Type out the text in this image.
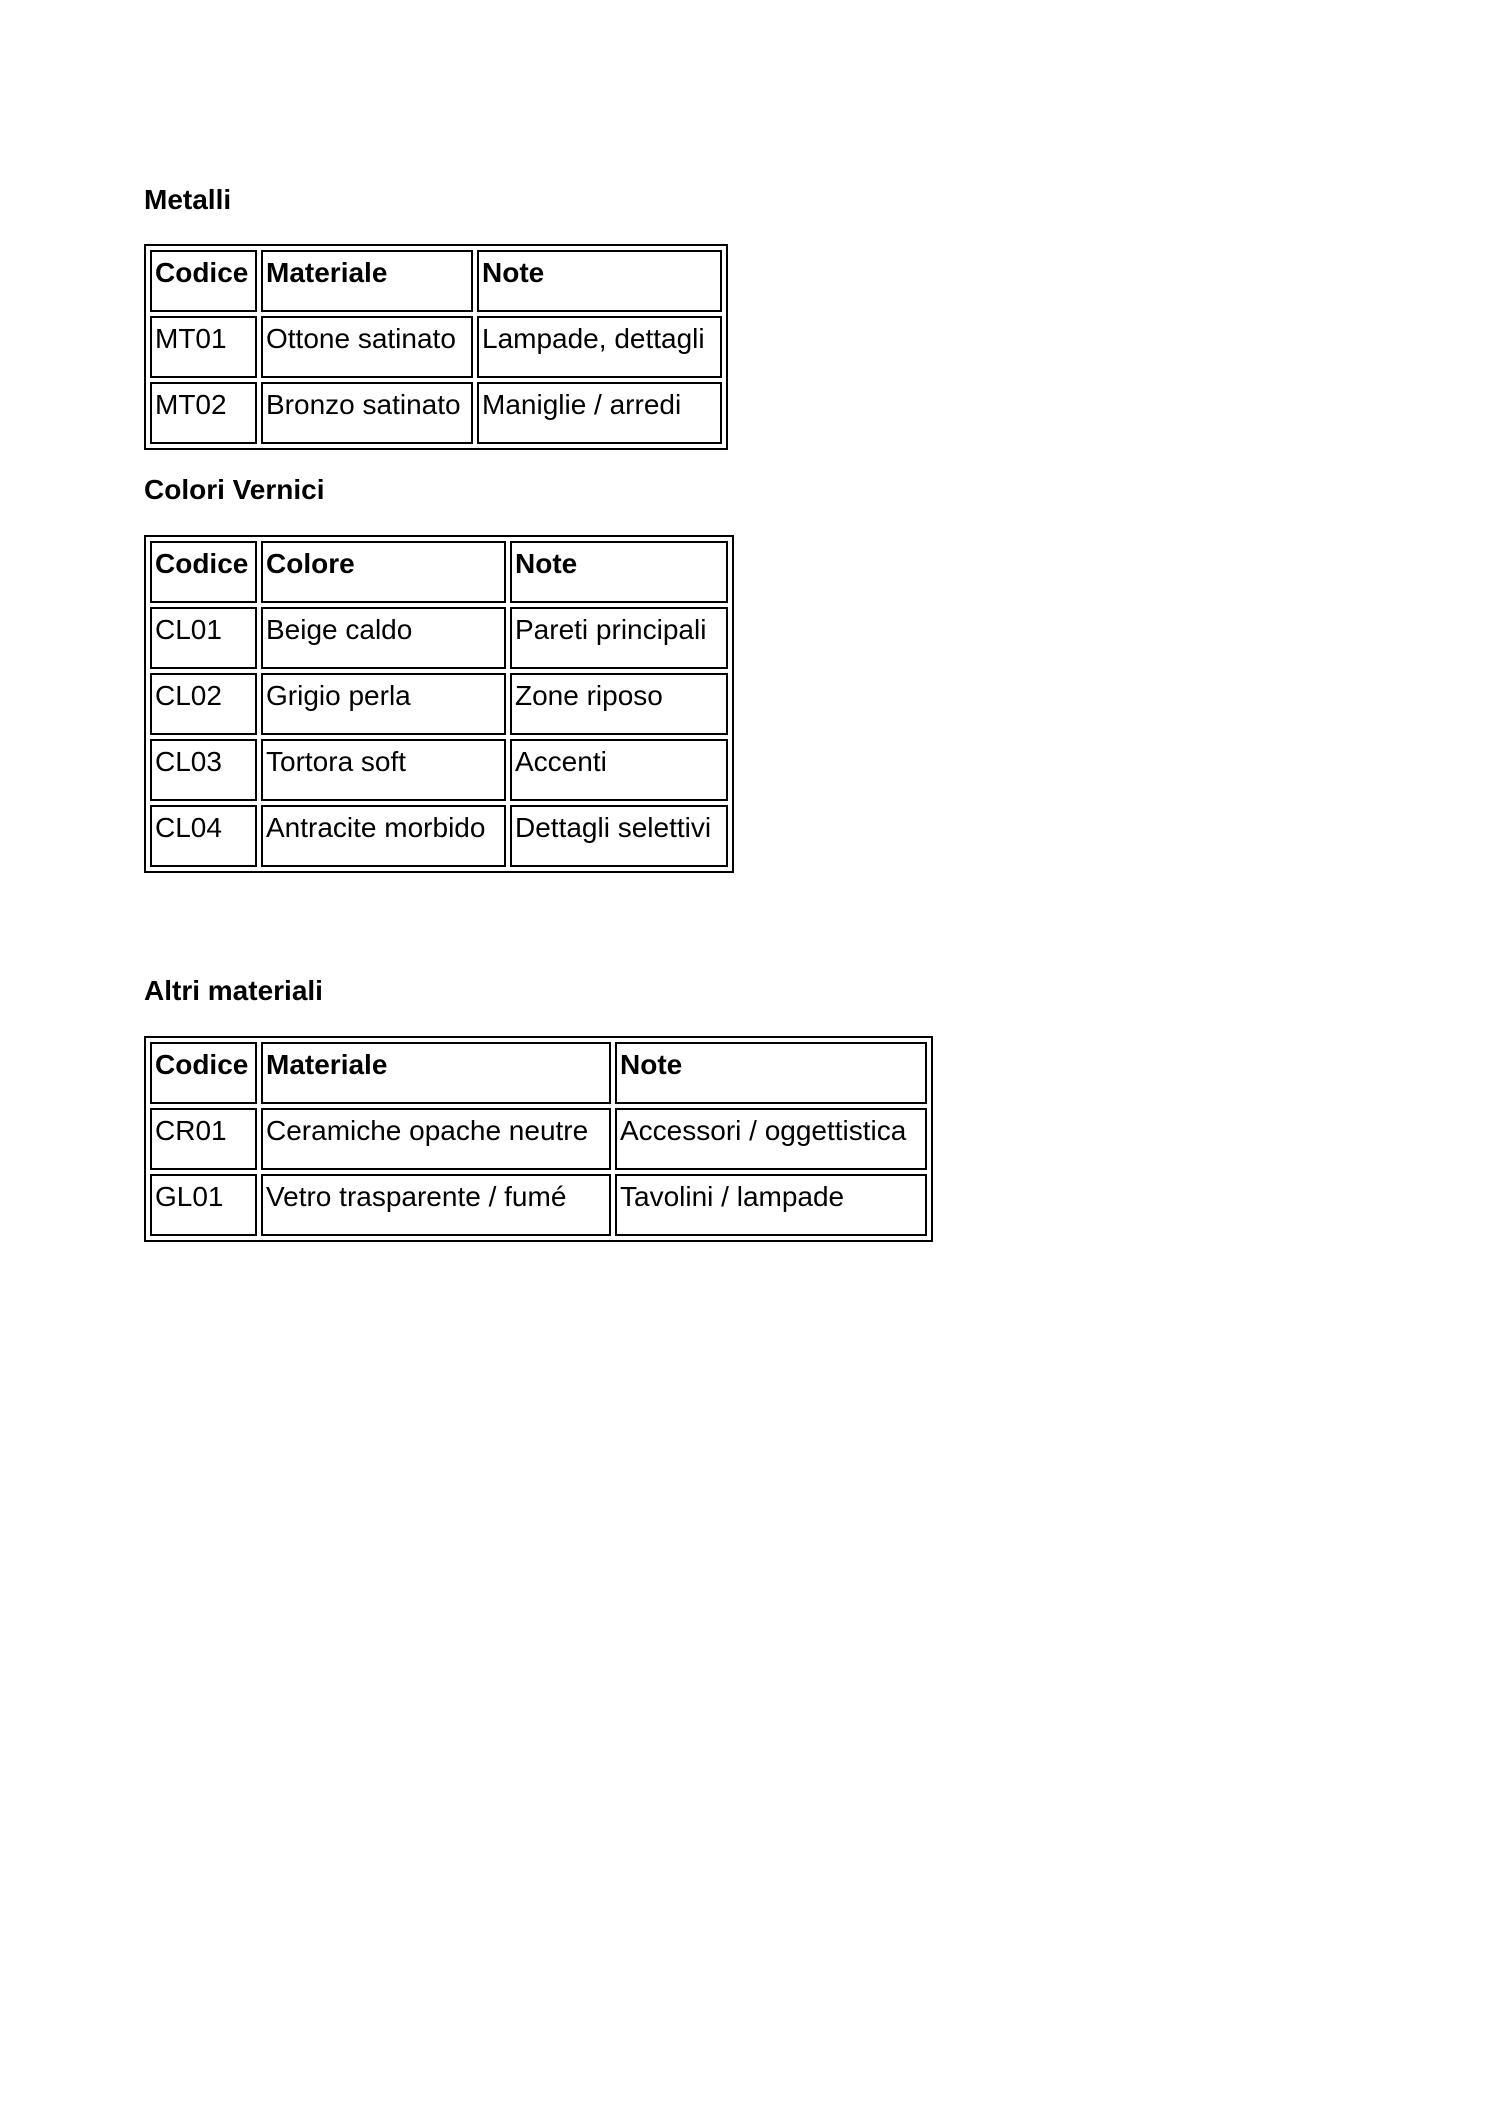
Metalli
Codice	Materiale	Note
MT01	Ottone satinato	Lampade, dettagli
MT02	Bronzo satinato	Maniglie / arredi
Colori Vernici
Codice	Colore	Note
CL01	Beige caldo	Pareti principali
CL02	Grigio perla	Zone riposo
CL03	Tortora soft	Accenti
CL04	Antracite morbido	Dettagli selettivi
Altri materiali
Codice	Materiale	Note
CR01	Ceramiche opache neutre	Accessori / oggettistica
GL01	Vetro trasparente / fumé	Tavolini / lampade
